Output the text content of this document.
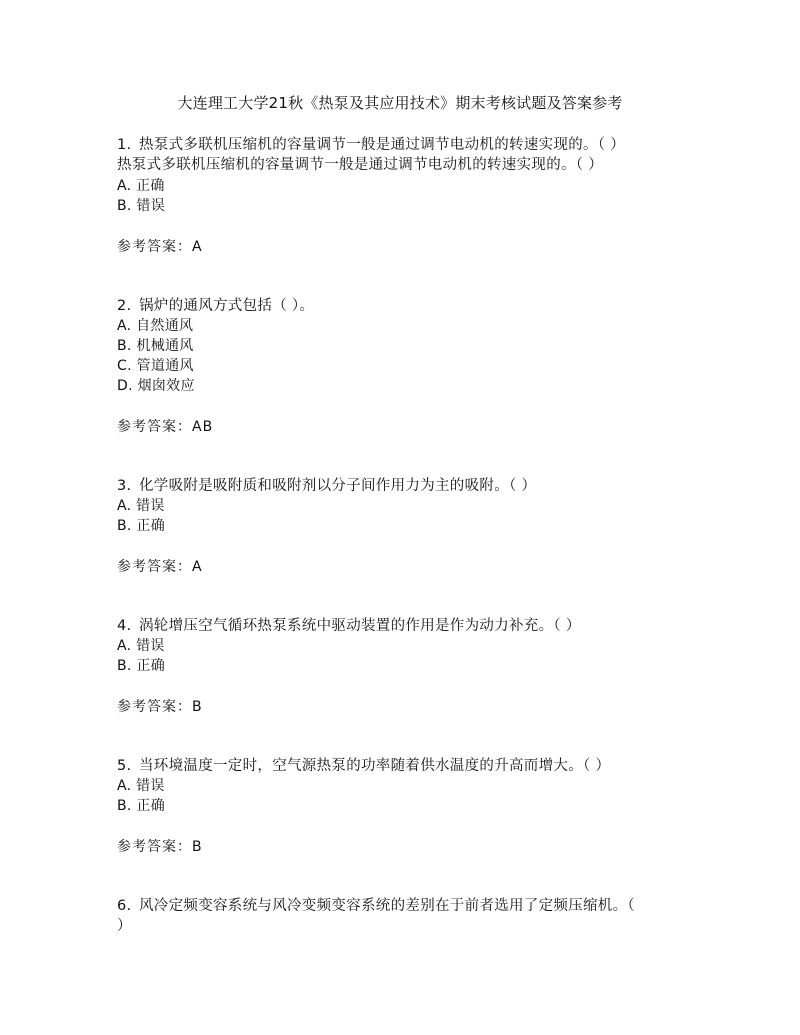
大连理工大学21秋《热泵及其应用技术》期末考核试题及答案参考
1. 热泵式多联机压缩机的容量调节一般是通过调节电动机的转速实现的。（ ）
热泵式多联机压缩机的容量调节一般是通过调节电动机的转速实现的。（ ）
A. 正确
B. 错误
参考答案：A
2. 锅炉的通风方式包括（ ）。
A. 自然通风
B. 机械通风
C. 管道通风
D. 烟囱效应
参考答案：AB
3. 化学吸附是吸附质和吸附剂以分子间作用力为主的吸附。（ ）
A. 错误
B. 正确
参考答案：A
4. 涡轮增压空气循环热泵系统中驱动装置的作用是作为动力补充。（ ）
A. 错误
B. 正确
参考答案：B
5. 当环境温度一定时，空气源热泵的功率随着供水温度的升高而增大。（ ）
A. 错误
B. 正确
参考答案：B
6. 风冷定频变容系统与风冷变频变容系统的差别在于前者选用了定频压缩机。（
）
